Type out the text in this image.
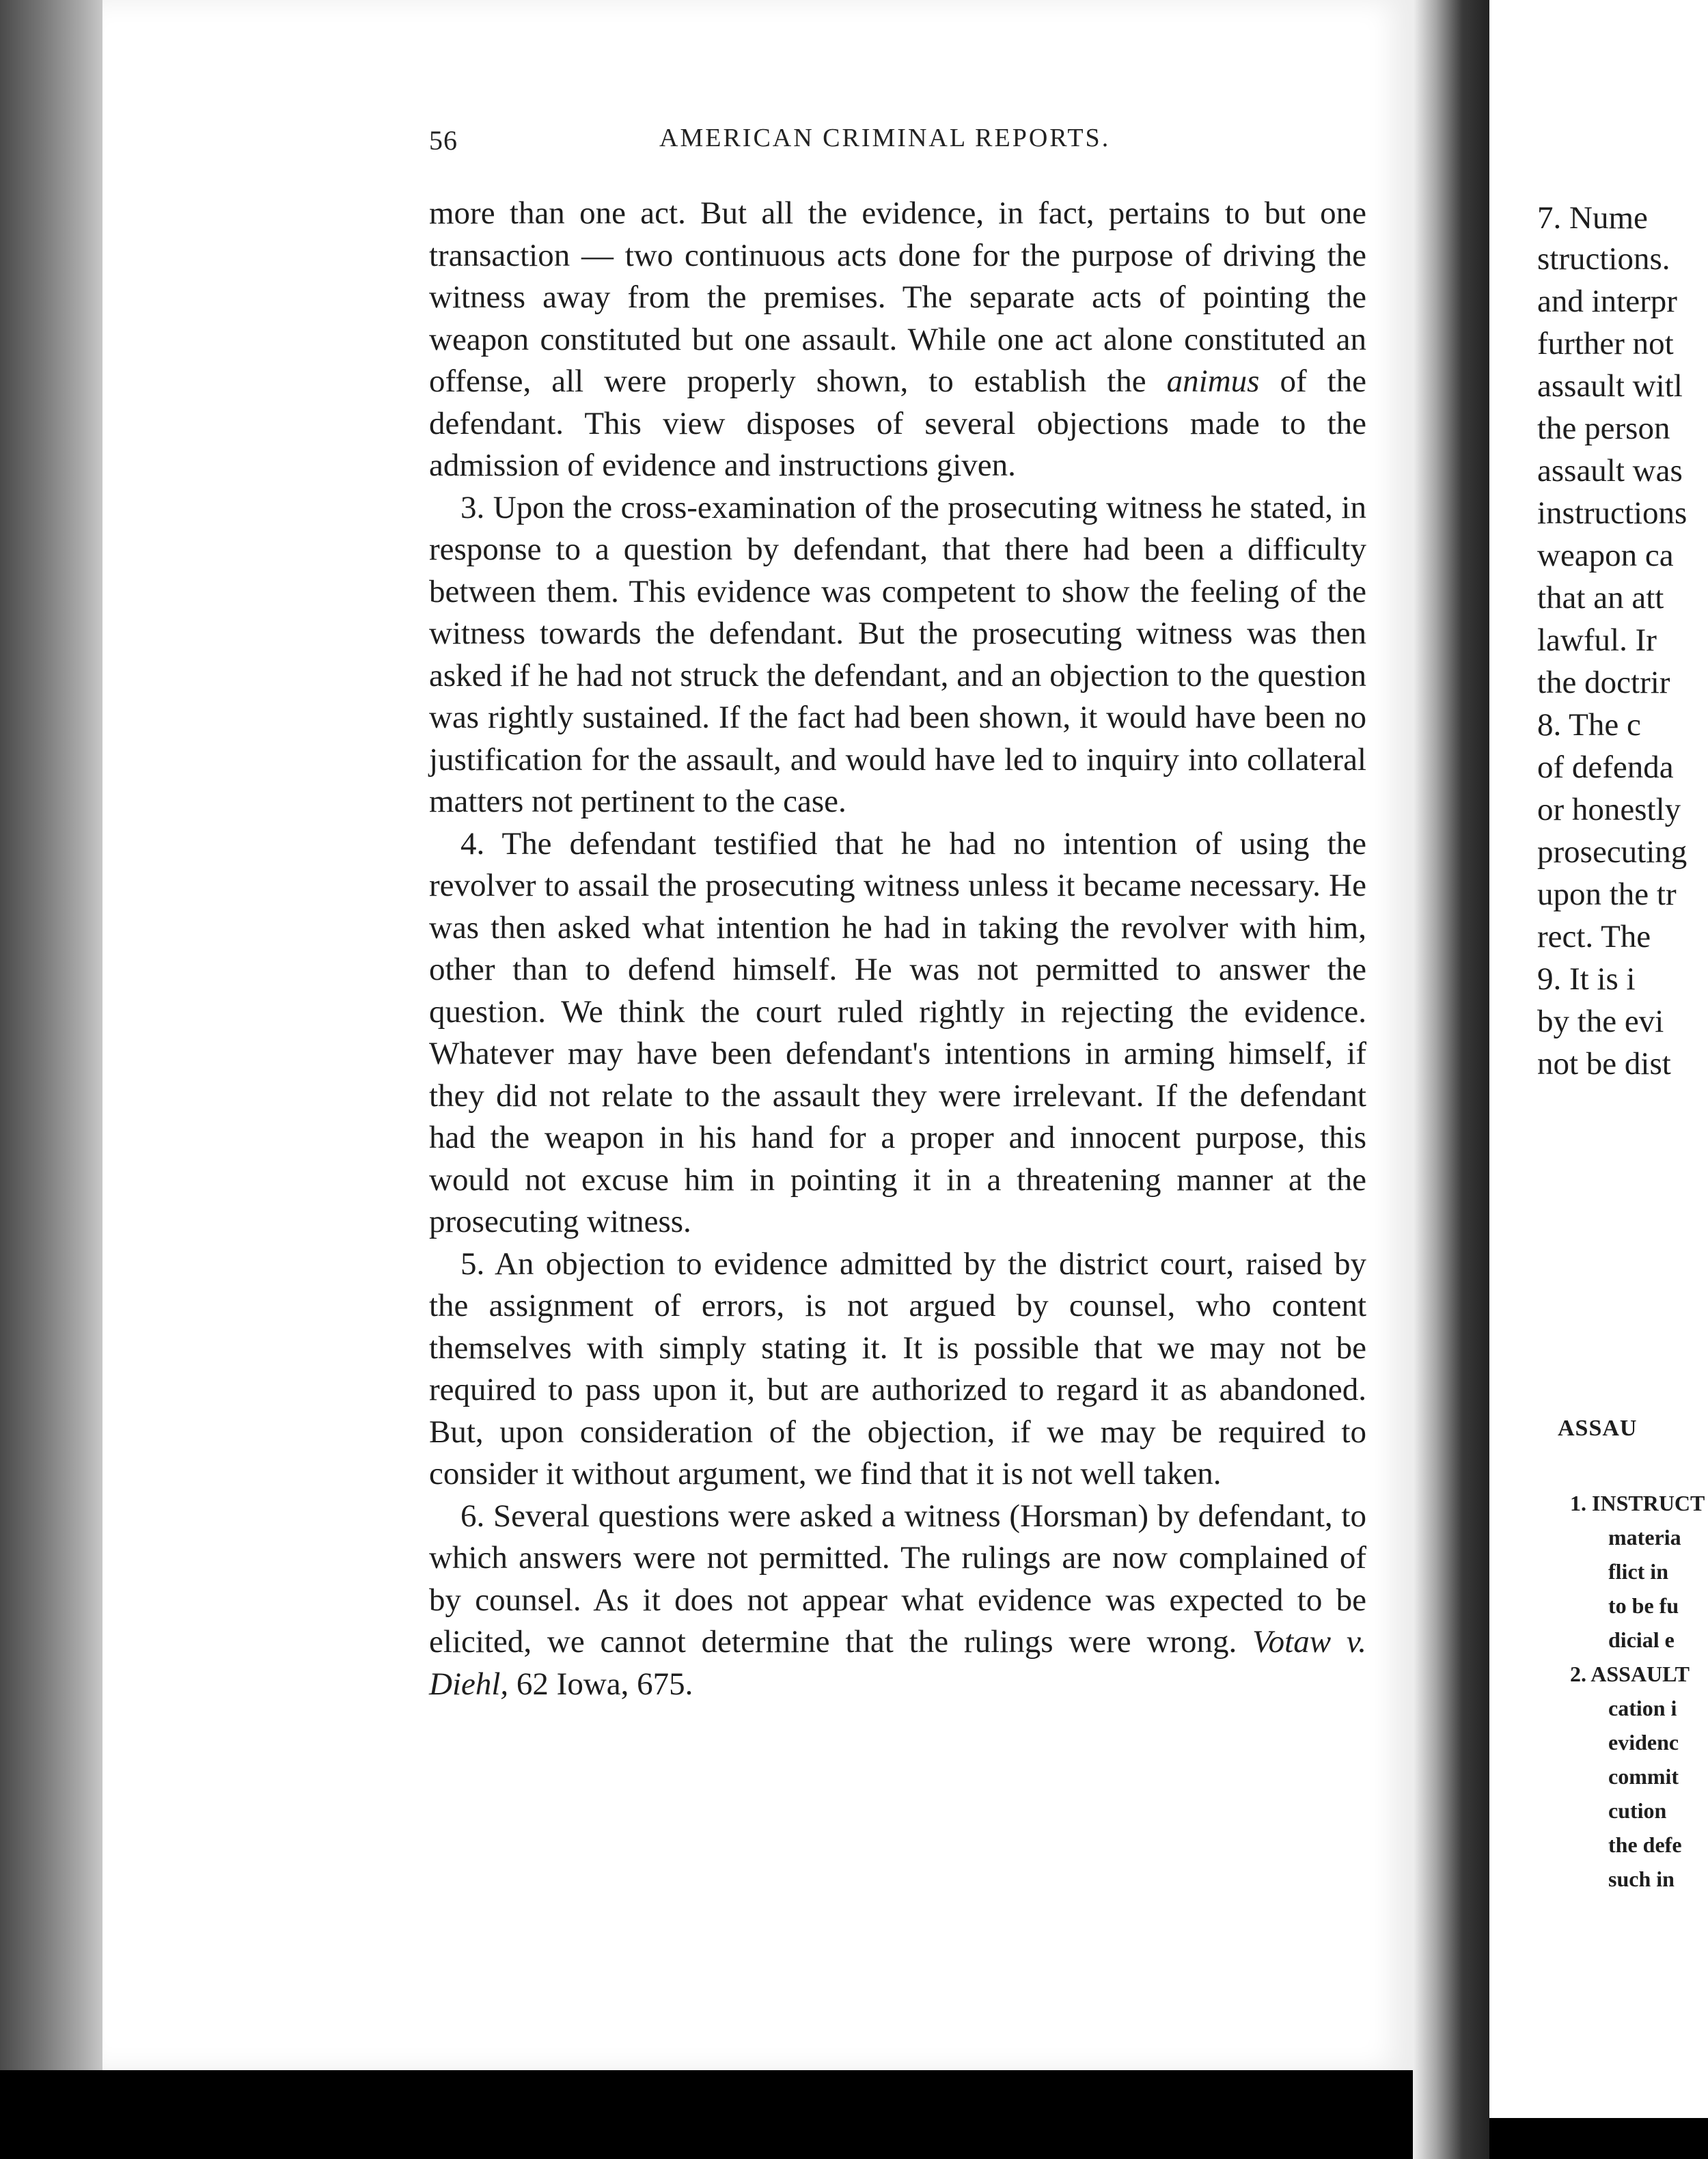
56	AMERICAN CRIMINAL REPORTS.

more than one act. But all the evidence, in fact, pertains to but one transaction — two continuous acts done for the purpose of driving the witness away from the premises. The separate acts of pointing the weapon constituted but one assault. While one act alone constituted an offense, all were properly shown, to establish the animus of the defendant. This view disposes of several objections made to the admission of evidence and instructions given.

3. Upon the cross-examination of the prosecuting witness he stated, in response to a question by defendant, that there had been a difficulty between them. This evidence was competent to show the feeling of the witness towards the defendant. But the prosecuting witness was then asked if he had not struck the defendant, and an objection to the question was rightly sustained. If the fact had been shown, it would have been no justification for the assault, and would have led to inquiry into collateral matters not pertinent to the case.

4. The defendant testified that he had no intention of using the revolver to assail the prosecuting witness unless it became necessary. He was then asked what intention he had in taking the revolver with him, other than to defend himself. He was not permitted to answer the question. We think the court ruled rightly in rejecting the evidence. Whatever may have been defendant's intentions in arming himself, if they did not relate to the assault they were irrelevant. If the defendant had the weapon in his hand for a proper and innocent purpose, this would not excuse him in pointing it in a threatening manner at the prosecuting witness.

5. An objection to evidence admitted by the district court, raised by the assignment of errors, is not argued by counsel, who content themselves with simply stating it. It is possible that we may not be required to pass upon it, but are authorized to regard it as abandoned. But, upon consideration of the objection, if we may be required to consider it without argument, we find that it is not well taken.

6. Several questions were asked a witness (Horsman) by defendant, to which answers were not permitted. The rulings are now complained of by counsel. As it does not appear what evidence was expected to be elicited, we cannot determine that the rulings were wrong. Votaw v. Diehl, 62 Iowa, 675.

7. Nume
structions.
and interpr
further not
assault witl
the person
assault was
instructions
weapon ca
that an att
lawful. Ir
the doctrir
8. The c
of defenda
or honestly
prosecuting
upon the tr
rect. The
9. It is i
by the evi
not be dist
ASSAU
1. INSTRUCT
materia
flict in
to be fu
dicial e
2. ASSAULT
cation i
evidenc
commit
cution
the defe
such in
